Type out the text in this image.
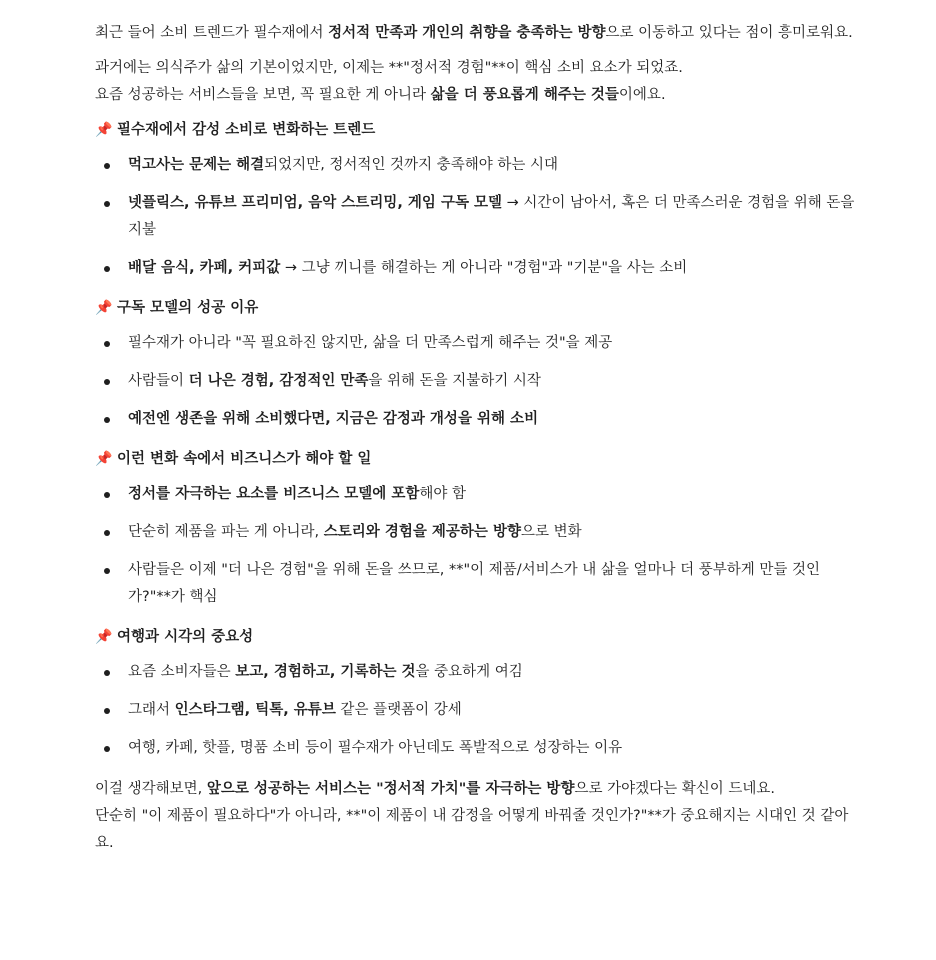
최근 들어 소비 트렌드가 필수재에서 정서적 만족과 개인의 취향을 충족하는 방향으로 이동하고 있다는 점이 흥미로워요.
과거에는 의식주가 삶의 기본이었지만, 이제는 **"정서적 경험"**이 핵심 소비 요소가 되었죠.
요즘 성공하는 서비스들을 보면, 꼭 필요한 게 아니라 삶을 더 풍요롭게 해주는 것들이에요.
📌 필수재에서 감성 소비로 변화하는 트렌드
먹고사는 문제는 해결되었지만, 정서적인 것까지 충족해야 하는 시대
넷플릭스, 유튜브 프리미엄, 음악 스트리밍, 게임 구독 모델 → 시간이 남아서, 혹은 더 만족스러운 경험을 위해 돈을 지불
배달 음식, 카페, 커피값 → 그냥 끼니를 해결하는 게 아니라 "경험"과 "기분"을 사는 소비
📌 구독 모델의 성공 이유
필수재가 아니라 "꼭 필요하진 않지만, 삶을 더 만족스럽게 해주는 것"을 제공
사람들이 더 나은 경험, 감정적인 만족을 위해 돈을 지불하기 시작
예전엔 생존을 위해 소비했다면, 지금은 감정과 개성을 위해 소비
📌 이런 변화 속에서 비즈니스가 해야 할 일
정서를 자극하는 요소를 비즈니스 모델에 포함해야 함
단순히 제품을 파는 게 아니라, 스토리와 경험을 제공하는 방향으로 변화
사람들은 이제 "더 나은 경험"을 위해 돈을 쓰므로, **"이 제품/서비스가 내 삶을 얼마나 더 풍부하게 만들 것인가?"**가 핵심
📌 여행과 시각의 중요성
요즘 소비자들은 보고, 경험하고, 기록하는 것을 중요하게 여김
그래서 인스타그램, 틱톡, 유튜브 같은 플랫폼이 강세
여행, 카페, 핫플, 명품 소비 등이 필수재가 아닌데도 폭발적으로 성장하는 이유
이걸 생각해보면, 앞으로 성공하는 서비스는 "정서적 가치"를 자극하는 방향으로 가야겠다는 확신이 드네요.
단순히 "이 제품이 필요하다"가 아니라, **"이 제품이 내 감정을 어떻게 바꿔줄 것인가?"**가 중요해지는 시대인 것 같아요.
